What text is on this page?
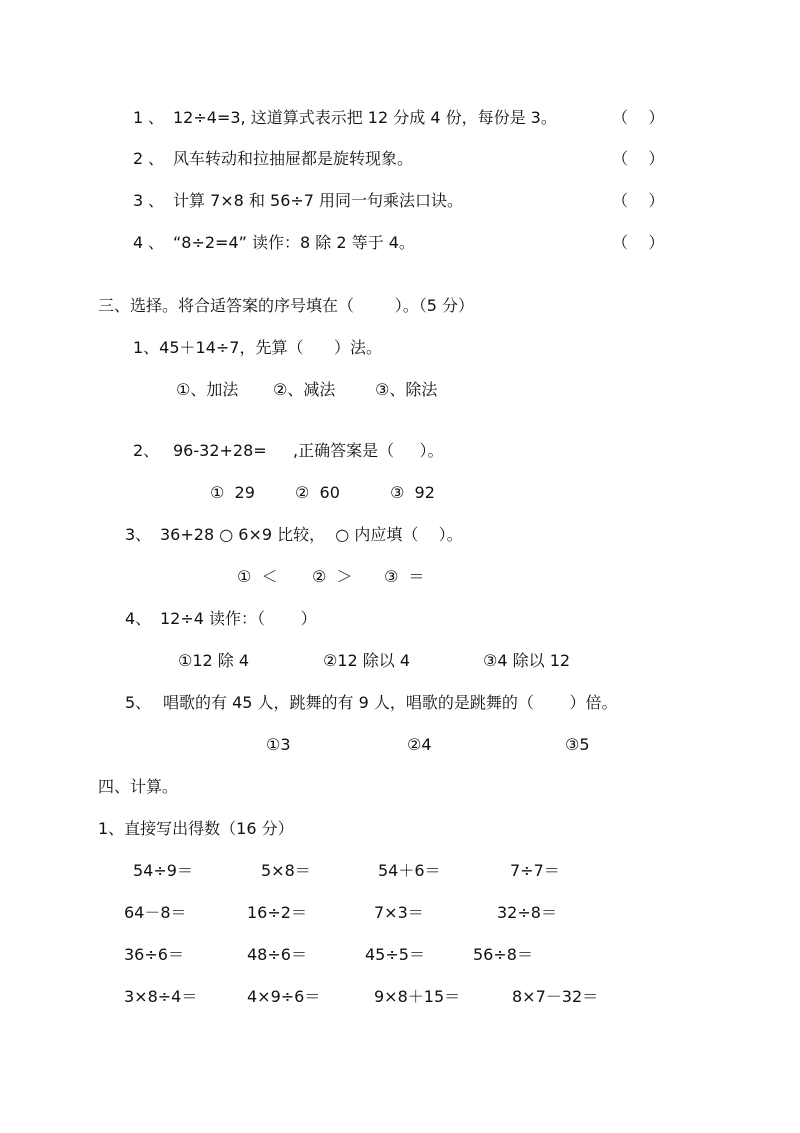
1 、 12÷4=3, 这道算式表示把 12 分成 4 份，每份是 3。	（    ）
2 、 风车转动和拉抽屉都是旋转现象。	（    ）
3 、 计算 7×8 和 56÷7 用同一句乘法口诀。	（    ）
4 、 “8÷2=4” 读作：8 除 2 等于 4。	（    ）
三、选择。将合适答案的序号填在（        ）。（5 分）
1、45＋14÷7，先算（      ）法。
①、加法 ②、减法 ③、除法
2、 96-32+28= ,正确答案是（     ）。
①  29	②  60	③  92
3、 36+28 ○ 6×9 比较，  ○ 内应填（    ）。
①  ＜ ②  ＞ ③  ＝
4、 12÷4 读作：（       ）
①12 除 4	②12 除以 4	③4 除以 12
5、 唱歌的有 45 人，跳舞的有 9 人，唱歌的是跳舞的（       ）倍。
①3	②4	③5
四、计算。
1、直接写出得数（16 分）
54÷9＝	5×8＝	54＋6＝	7÷7＝
64－8＝	16÷2＝	7×3＝	32÷8＝
36÷6＝	48÷6＝	45÷5＝	56÷8＝
3×8÷4＝	4×9÷6＝	9×8＋15＝	8×7－32＝
